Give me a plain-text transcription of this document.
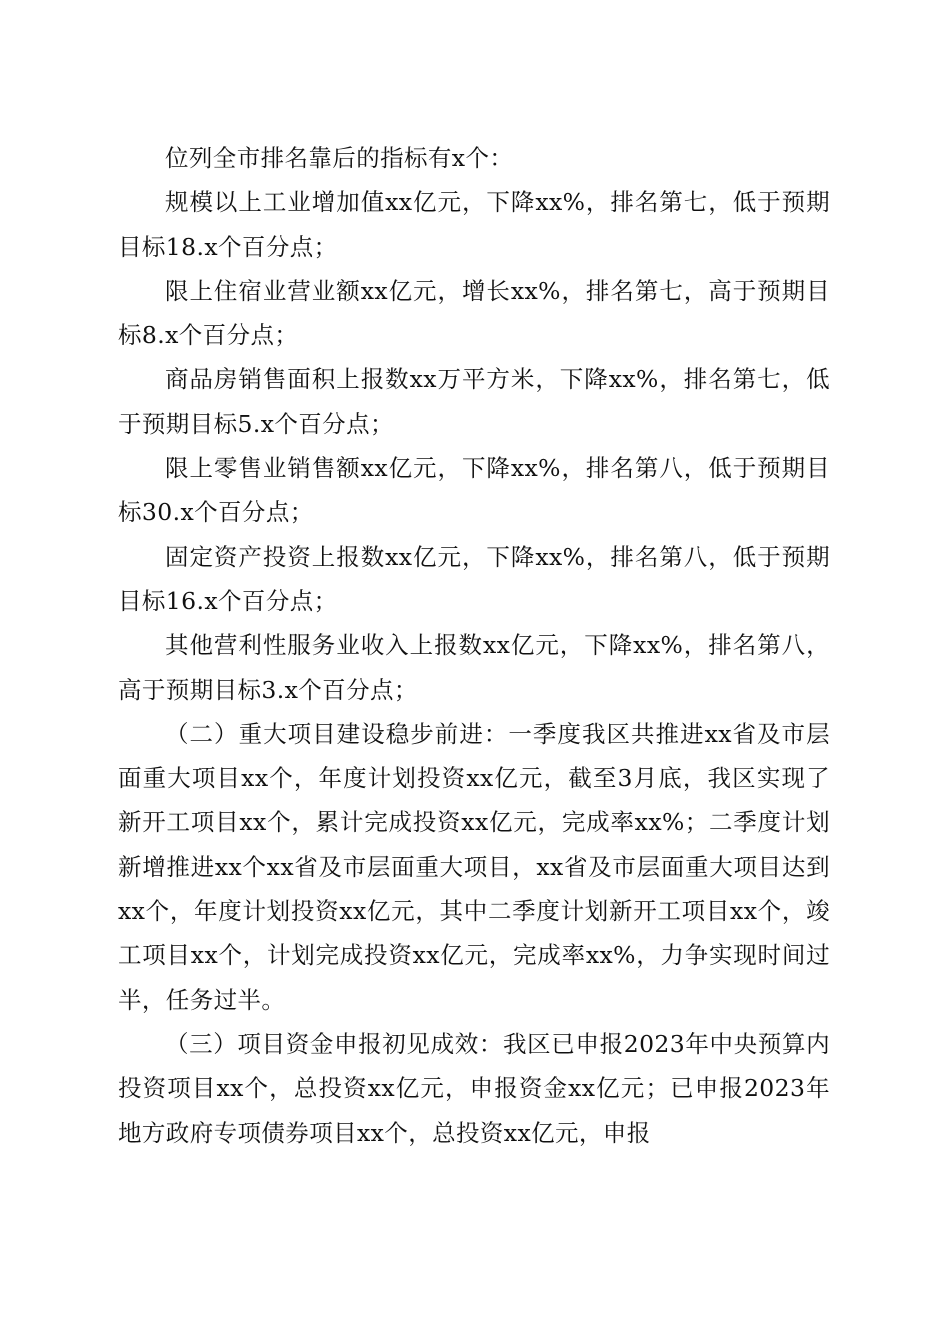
位列全市排名靠后的指标有x个：

规模以上工业增加值xx亿元，下降xx%，排名第七，低于预期目标18.x个百分点；

限上住宿业营业额xx亿元，增长xx%，排名第七，高于预期目标8.x个百分点；

商品房销售面积上报数xx万平方米，下降xx%，排名第七，低于预期目标5.x个百分点；

限上零售业销售额xx亿元，下降xx%，排名第八，低于预期目标30.x个百分点；

固定资产投资上报数xx亿元，下降xx%，排名第八，低于预期目标16.x个百分点；

其他营利性服务业收入上报数xx亿元，下降xx%，排名第八，高于预期目标3.x个百分点；

（二）重大项目建设稳步前进：一季度我区共推进xx省及市层面重大项目xx个，年度计划投资xx亿元，截至3月底，我区实现了新开工项目xx个，累计完成投资xx亿元，完成率xx%；二季度计划新增推进xx个xx省及市层面重大项目，xx省及市层面重大项目达到xx个，年度计划投资xx亿元，其中二季度计划新开工项目xx个，竣工项目xx个，计划完成投资xx亿元，完成率xx%，力争实现时间过半，任务过半。

（三）项目资金申报初见成效：我区已申报2023年中央预算内投资项目xx个，总投资xx亿元，申报资金xx亿元；已申报2023年地方政府专项债券项目xx个，总投资xx亿元，申报
